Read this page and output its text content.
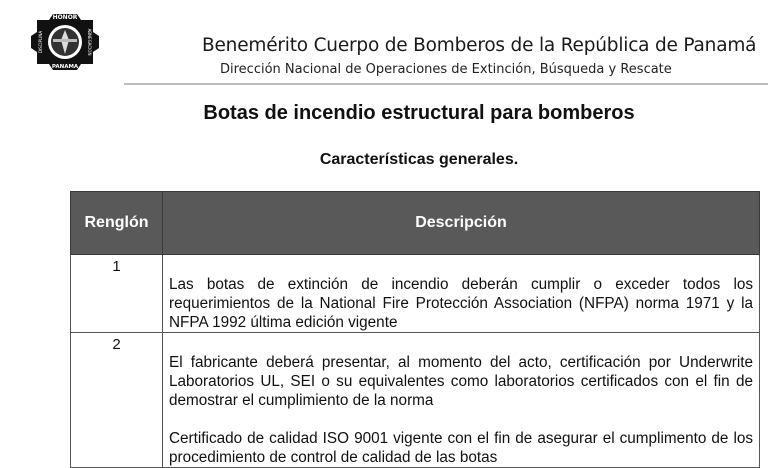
HONOR
PANAMA
DISCIPLINA	ABNEGACION	Benemérito Cuerpo de Bomberos de la República de Panamá
Dirección Nacional de Operaciones de Extinción, Búsqueda y Rescate
Botas de incendio estructural para bomberos
Características generales.
Renglón	Descripción
1	Las botas de extinción de incendio deberán cumplir o exceder todos los requerimientos de la National Fire Protección Association (NFPA) norma 1971 y la NFPA 1992 última edición vigente

2	El fabricante deberá presentar, al momento del acto, certificación por Underwrite Laboratorios UL, SEI o su equivalentes como laboratorios certificados con el fin de demostrar el cumplimiento de la norma

Certificado de calidad ISO 9001 vigente con el fin de asegurar el cumplimento de los procedimiento de control de calidad de las botas
